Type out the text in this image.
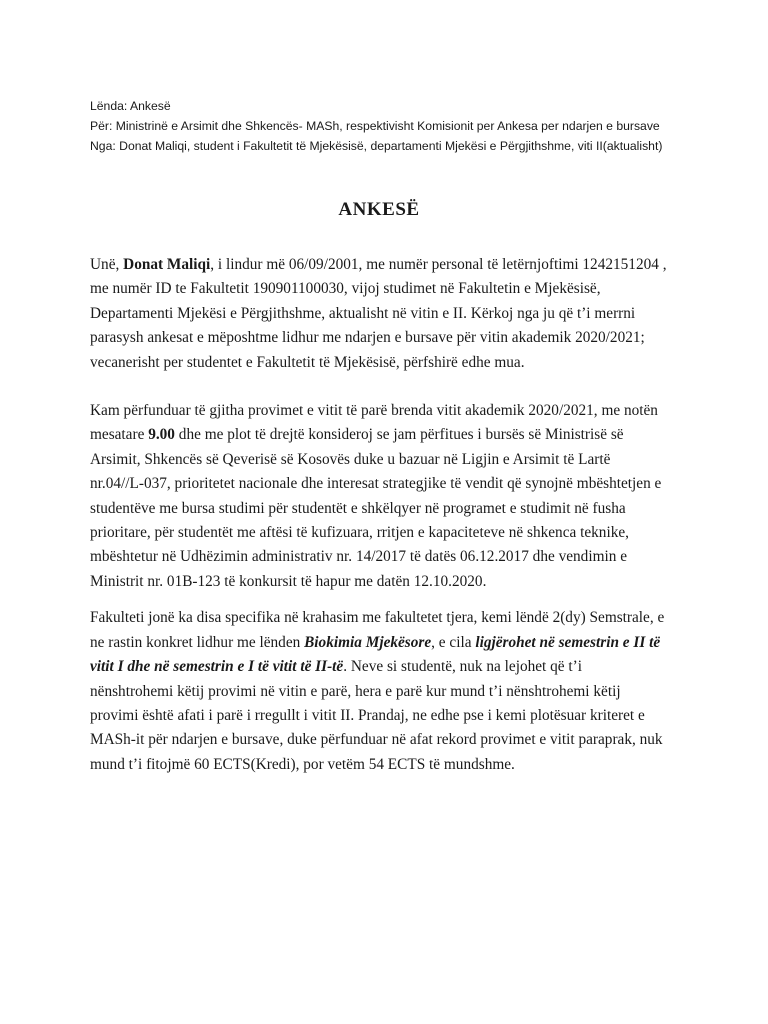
Lënda: Ankesë

Për: Ministrinë e Arsimit dhe Shkencës- MASh, respektivisht Komisionit per Ankesa per ndarjen e bursave

Nga: Donat Maliqi, student i Fakultetit të Mjekësisë, departamenti Mjekësi e Përgjithshme, viti II(aktualisht)

ANKESË

Unë, Donat Maliqi, i lindur më 06/09/2001, me numër personal të letërnjoftimi 1242151204 , me numër ID te Fakultetit 190901100030, vijoj studimet në Fakultetin e Mjekësisë, Departamenti Mjekësi e Përgjithshme, aktualisht në vitin e II. Kërkoj nga ju që t’i merrni parasysh ankesat e mëposhtme lidhur me ndarjen e bursave për vitin akademik 2020/2021; vecanerisht per studentet e Fakultetit të Mjekësisë, përfshirë edhe mua.

Kam përfunduar të gjitha provimet e vitit të parë brenda vitit akademik 2020/2021, me notën mesatare 9.00 dhe me plot të drejtë konsideroj se jam përfitues i bursës së Ministrisë së Arsimit, Shkencës së Qeverisë së Kosovës duke u bazuar në Ligjin e Arsimit të Lartë nr.04//L-037, prioritetet nacionale dhe interesat strategjike të vendit që synojnë mbështetjen e studentëve me bursa studimi për studentët e shkëlqyer në programet e studimit në fusha prioritare, për studentët me aftësi të kufizuara, rritjen e kapaciteteve në shkenca teknike, mbështetur në Udhëzimin administrativ nr. 14/2017 të datës 06.12.2017 dhe vendimin e Ministrit nr. 01B-123 të konkursit të hapur me datën 12.10.2020.

Fakulteti jonë ka disa specifika në krahasim me fakultetet tjera, kemi lëndë 2(dy) Semstrale, e ne rastin konkret lidhur me lënden Biokimia Mjekësore, e cila ligjërohet në semestrin e II të vitit I dhe në semestrin e I të vitit të II-të. Neve si studentë, nuk na lejohet që t’i nënshtrohemi këtij provimi në vitin e parë, hera e parë kur mund t’i nënshtrohemi këtij provimi është afati i parë i rregullt i vitit II. Prandaj, ne edhe pse i kemi plotësuar kriteret e MASh-it për ndarjen e bursave, duke përfunduar në afat rekord provimet e vitit paraprak, nuk mund t’i fitojmë 60 ECTS(Kredi), por vetëm 54 ECTS të mundshme.
